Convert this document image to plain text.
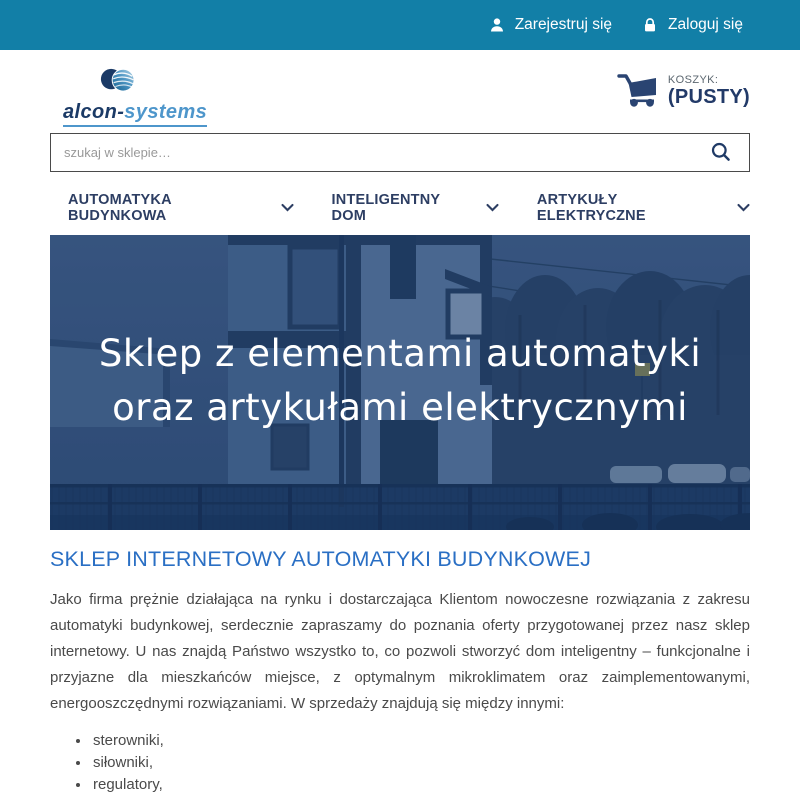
Zarejestruj się	Zaloguj się
alcon-systems
KOSZYK:
(PUSTY)
szukaj w sklepie…
AUTOMATYKA BUDYNKOWA
INTELIGENTNY DOM
ARTYKUŁY ELEKTRYCZNE
Sklep z elementami automatyki
oraz artykułami elektrycznymi
SKLEP INTERNETOWY AUTOMATYKI BUDYNKOWEJ

Jako firma prężnie działająca na rynku i dostarczająca Klientom nowoczesne rozwiązania z zakresu automatyki budynkowej, serdecznie zapraszamy do poznania oferty przygotowanej przez nasz sklep internetowy. U nas znajdą Państwo wszystko to, co pozwoli stworzyć dom inteligentny – funkcjonalne i przyjazne dla mieszkańców miejsce, z optymalnym mikroklimatem oraz zaimplementowanymi, energooszczędnymi rozwiązaniami. W sprzedaży znajdują się między innymi:

• sterowniki,
• siłowniki,
• regulatory,
